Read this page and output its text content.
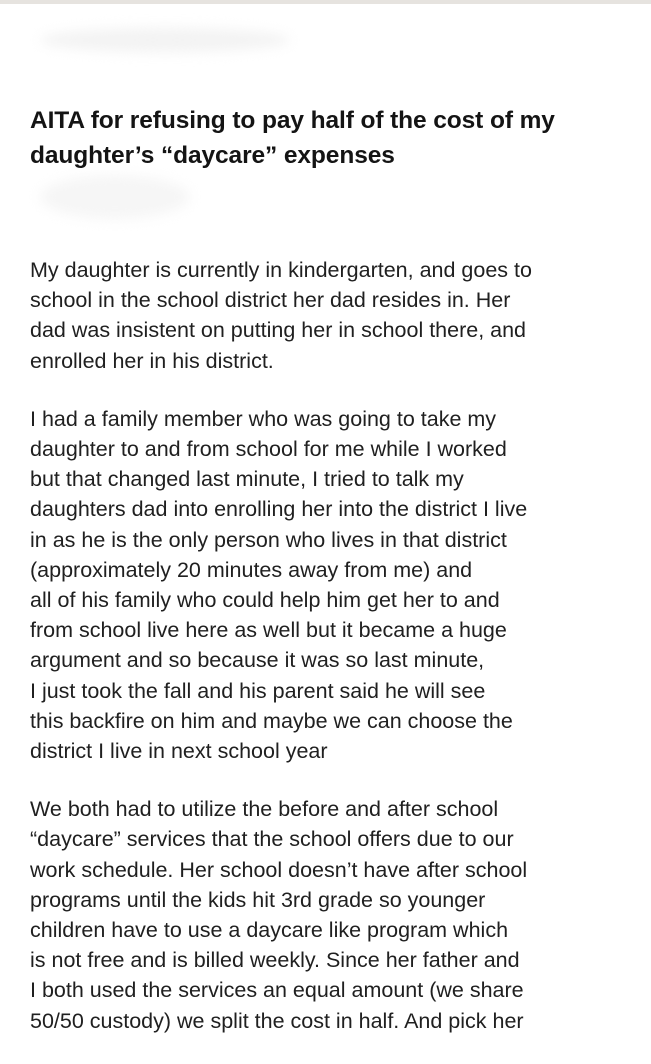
AITA for refusing to pay half of the cost of my
daughter’s “daycare” expenses

My daughter is currently in kindergarten, and goes to
school in the school district her dad resides in. Her
dad was insistent on putting her in school there, and
enrolled her in his district.

I had a family member who was going to take my
daughter to and from school for me while I worked
but that changed last minute, I tried to talk my
daughters dad into enrolling her into the district I live
in as he is the only person who lives in that district
(approximately 20 minutes away from me) and
all of his family who could help him get her to and
from school live here as well but it became a huge
argument and so because it was so last minute,
I just took the fall and his parent said he will see
this backfire on him and maybe we can choose the
district I live in next school year

We both had to utilize the before and after school
“daycare” services that the school offers due to our
work schedule. Her school doesn’t have after school
programs until the kids hit 3rd grade so younger
children have to use a daycare like program which
is not free and is billed weekly. Since her father and
I both used the services an equal amount (we share
50/50 custody) we split the cost in half. And pick her
